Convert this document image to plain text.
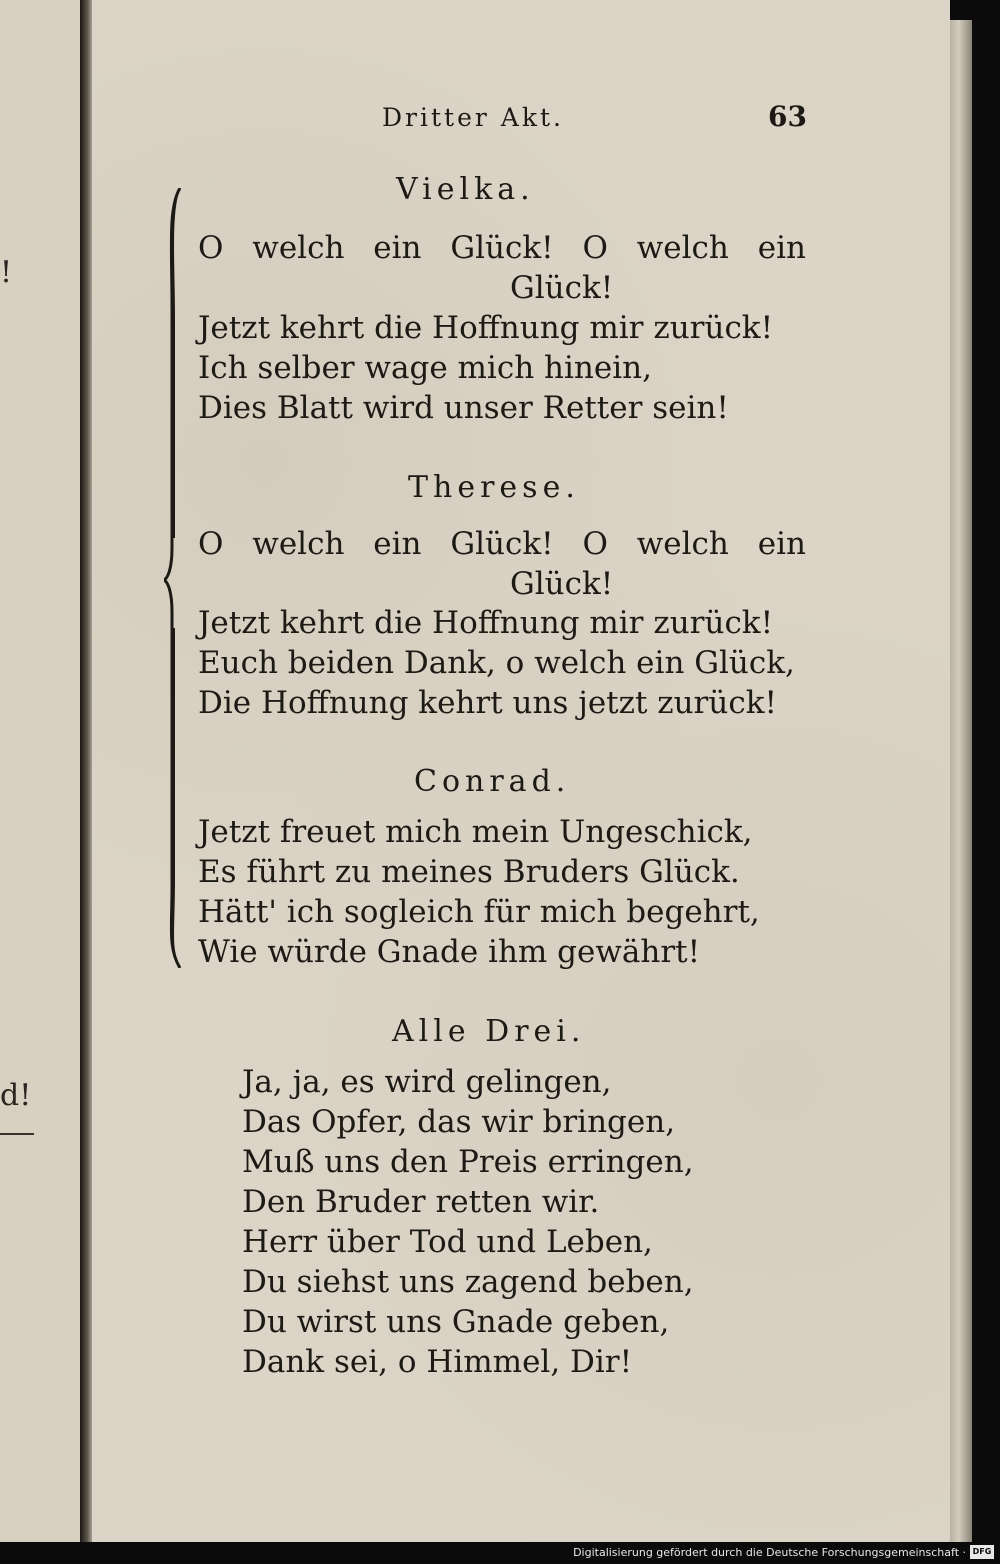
!
d!
Dritter Akt.	63
Vielka.
O welch ein Glück! O welch ein
Glück!
Jetzt kehrt die Hoffnung mir zurück!
Ich selber wage mich hinein,
Dies Blatt wird unser Retter sein!
Therese.
O welch ein Glück! O welch ein
Glück!
Jetzt kehrt die Hoffnung mir zurück!
Euch beiden Dank, o welch ein Glück,
Die Hoffnung kehrt uns jetzt zurück!
Conrad.
Jetzt freuet mich mein Ungeschick,
Es führt zu meines Bruders Glück.
Hätt' ich sogleich für mich begehrt,
Wie würde Gnade ihm gewährt!
Alle Drei.
Ja, ja, es wird gelingen,
Das Opfer, das wir bringen,
Muß uns den Preis erringen,
Den Bruder retten wir.
Herr über Tod und Leben,
Du siehst uns zagend beben,
Du wirst uns Gnade geben,
Dank sei, o Himmel, Dir!
Digitalisierung gefördert durch die Deutsche Forschungsgemeinschaft · DFG
